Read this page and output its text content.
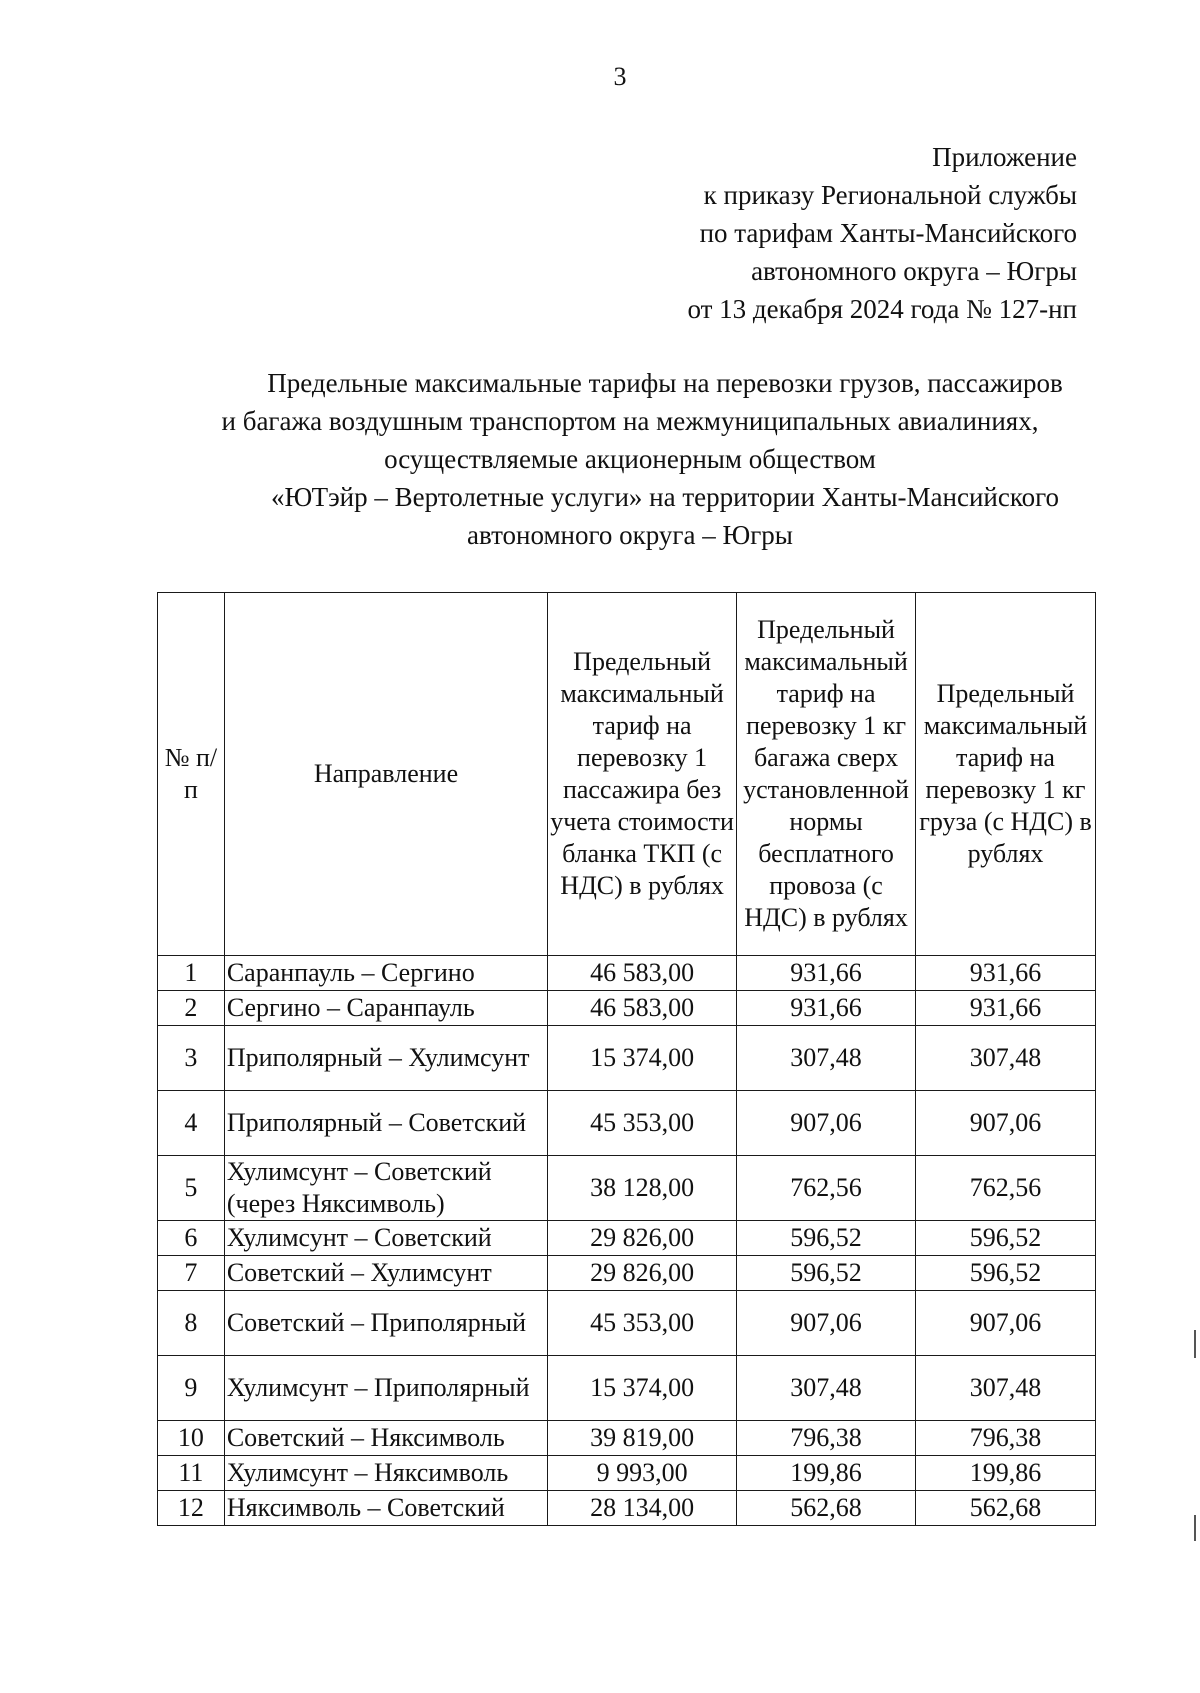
3
Приложение
к приказу Региональной службы
по тарифам Ханты-Мансийского
автономного округа – Югры
от 13 декабря 2024 года № 127-нп
Предельные максимальные тарифы на перевозки грузов, пассажиров
и багажа воздушным транспортом на межмуниципальных авиалиниях,
осуществляемые акционерным обществом
«ЮТэйр – Вертолетные услуги» на территории Ханты-Мансийского
автономного округа – Югры
№ п/п	Направление	Предельный максимальный тариф на перевозку 1 пассажира без учета стоимости бланка ТКП (с НДС) в рублях	Предельный максимальный тариф на перевозку 1 кг багажа сверх установленной нормы бесплатного провоза (с НДС) в рублях	Предельный максимальный тариф на перевозку 1 кг груза (с НДС) в рублях
1	Саранпауль – Сергино	46 583,00	931,66	931,66
2	Сергино – Саранпауль	46 583,00	931,66	931,66
3	Приполярный – Хулимсунт	15 374,00	307,48	307,48
4	Приполярный – Советский	45 353,00	907,06	907,06
5	Хулимсунт – Советский (через Няксимволь)	38 128,00	762,56	762,56
6	Хулимсунт – Советский	29 826,00	596,52	596,52
7	Советский – Хулимсунт	29 826,00	596,52	596,52
8	Советский – Приполярный	45 353,00	907,06	907,06
9	Хулимсунт – Приполярный	15 374,00	307,48	307,48
10	Советский – Няксимволь	39 819,00	796,38	796,38
11	Хулимсунт – Няксимволь	9 993,00	199,86	199,86
12	Няксимволь – Советский	28 134,00	562,68	562,68
